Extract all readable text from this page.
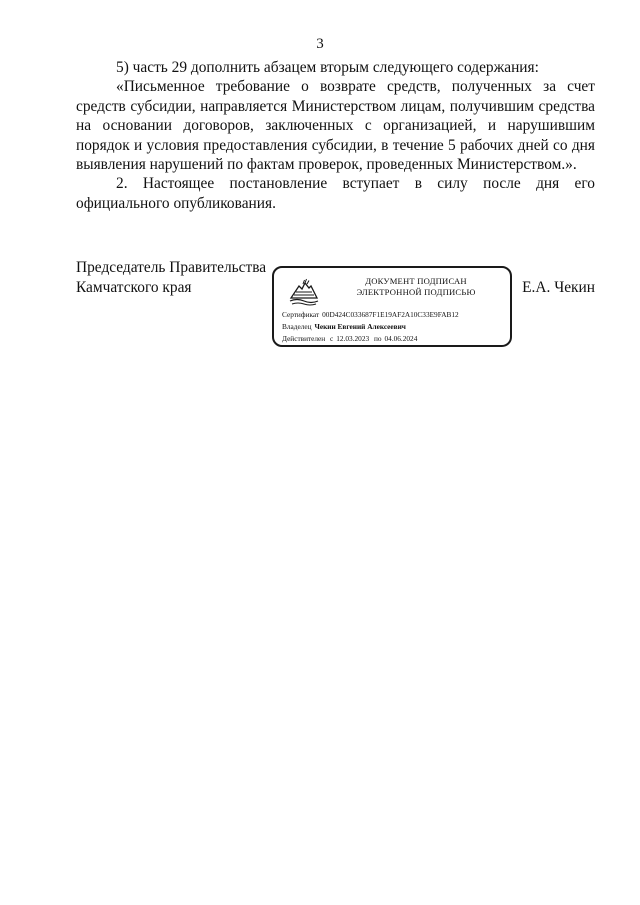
3

5) часть 29 дополнить абзацем вторым следующего содержания:

«Письменное требование о возврате средств, полученных за счет средств субсидии, направляется Министерством лицам, получившим средства на основании договоров, заключенных с организацией, и нарушившим порядок и условия предоставления субсидии, в течение 5 рабочих дней со дня выявления нарушений по фактам проверок, проведенных Министерством.».

2. Настоящее постановление вступает в силу после дня его официального опубликования.

Председатель Правительства
Камчатского края	Е.А. Чекин
ДОКУМЕНТ ПОДПИСАН
ЭЛЕКТРОННОЙ ПОДПИСЬЮ
Сертификат 00D424C033687F1E19AF2A10C33E9FAB12
Владелец Чекин Евгений Алексеевич
Действителен с 12.03.2023 по 04.06.2024
